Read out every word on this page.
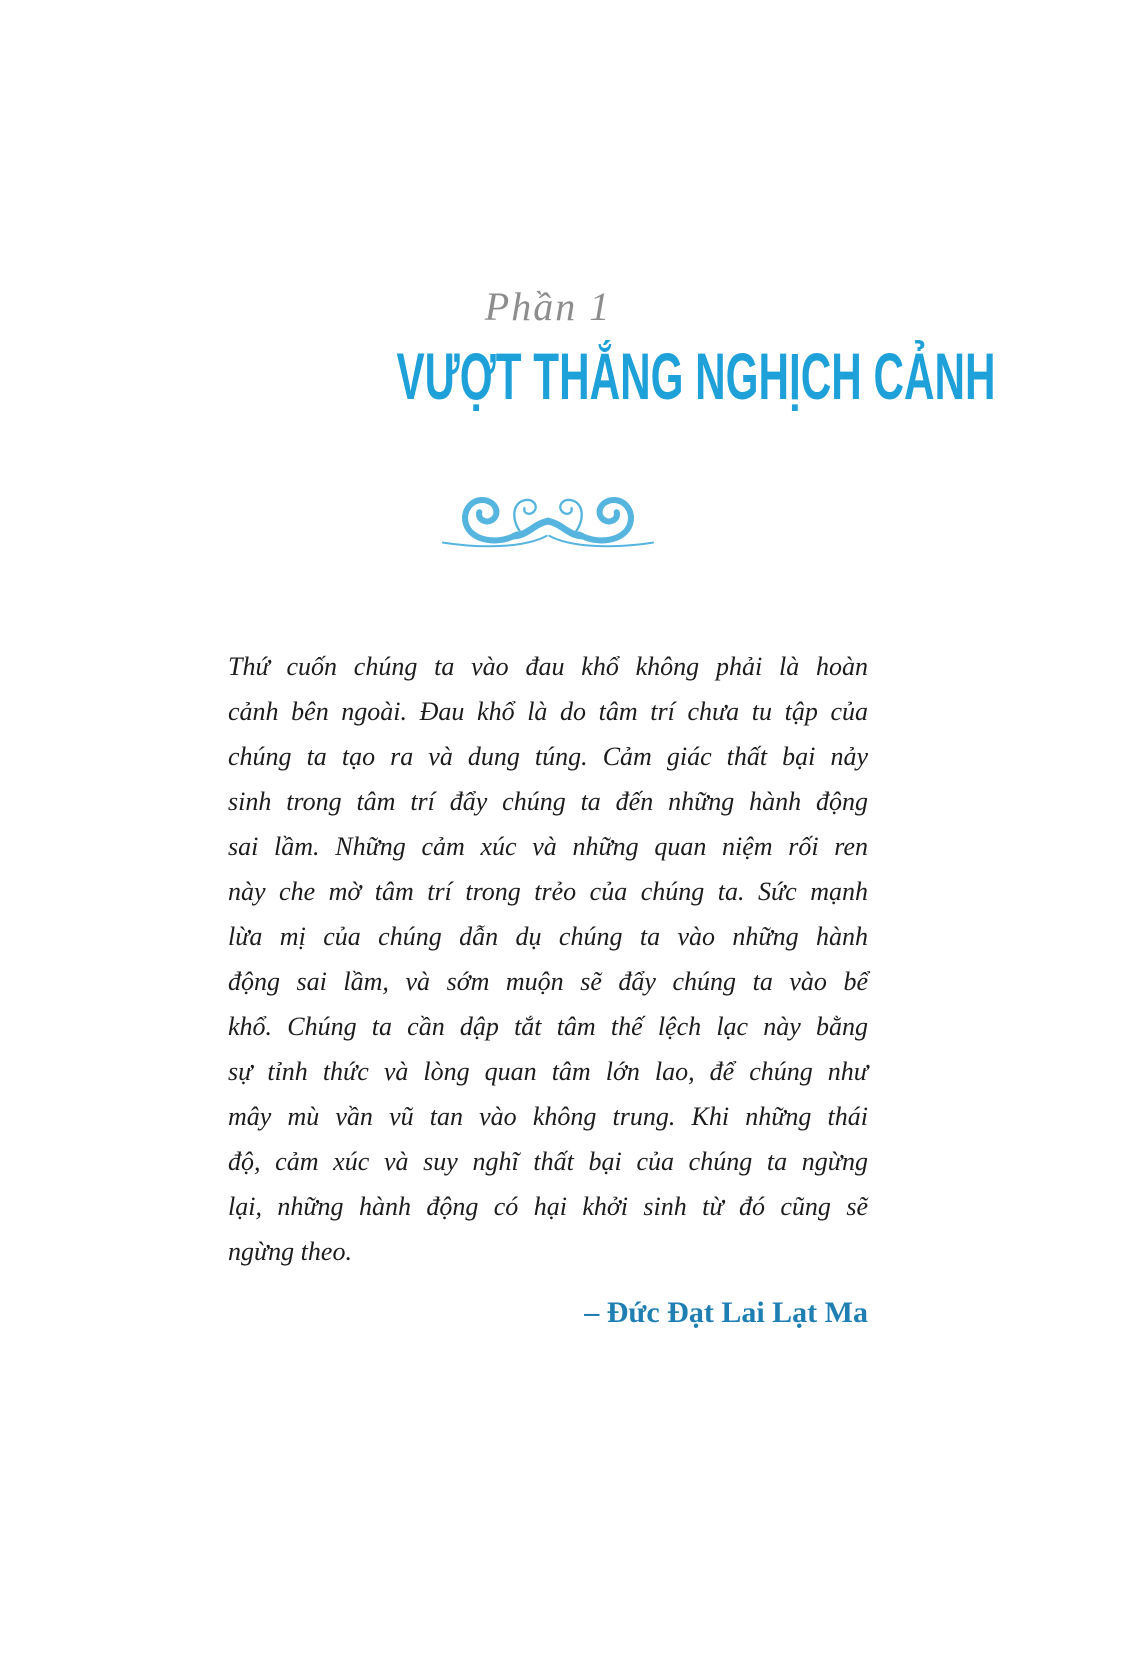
Phần 1
VƯỢT THẮNG NGHỊCH CẢNH
Thứ cuốn chúng ta vào đau khổ không phải là hoàn
cảnh bên ngoài. Đau khổ là do tâm trí chưa tu tập của
chúng ta tạo ra và dung túng. Cảm giác thất bại nảy
sinh trong tâm trí đẩy chúng ta đến những hành động
sai lầm. Những cảm xúc và những quan niệm rối ren
này che mờ tâm trí trong trẻo của chúng ta. Sức mạnh
lừa mị của chúng dẫn dụ chúng ta vào những hành
động sai lầm, và sớm muộn sẽ đẩy chúng ta vào bể
khổ. Chúng ta cần dập tắt tâm thế lệch lạc này bằng
sự tỉnh thức và lòng quan tâm lớn lao, để chúng như
mây mù vần vũ tan vào không trung. Khi những thái
độ, cảm xúc và suy nghĩ thất bại của chúng ta ngừng
lại, những hành động có hại khởi sinh từ đó cũng sẽ
ngừng theo.
– Đức Đạt Lai Lạt Ma
